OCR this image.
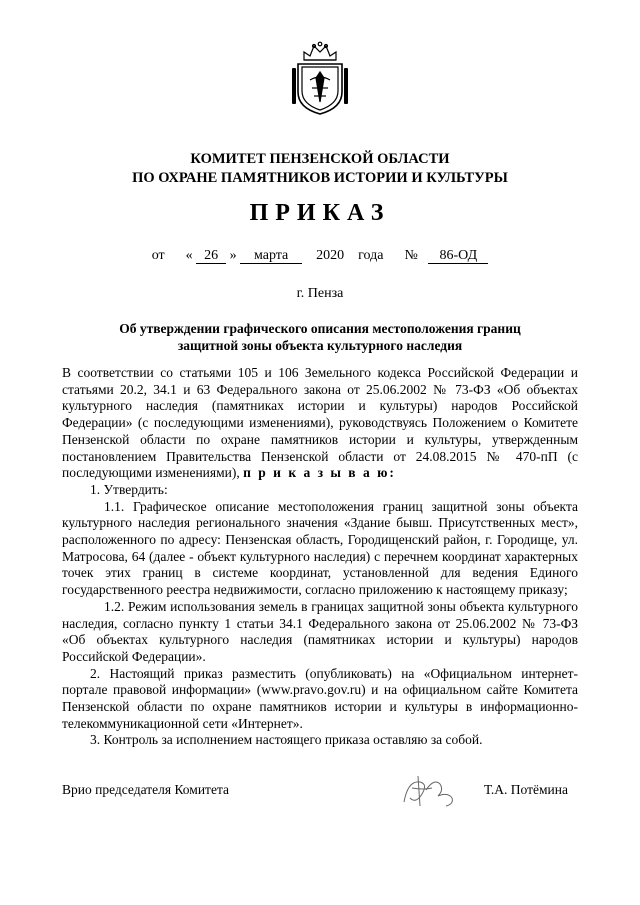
КОМИТЕТ ПЕНЗЕНСКОЙ ОБЛАСТИ
ПО ОХРАНЕ ПАМЯТНИКОВ ИСТОРИИ И КУЛЬТУРЫ
ПРИКАЗ
от « 26 » марта 2020 года № 86-ОД
г. Пенза
Об утверждении графического описания местоположения границ
защитной зоны объекта культурного наследия

В соответствии со статьями 105 и 106 Земельного кодекса Российской Федерации и статьями 20.2, 34.1 и 63 Федерального закона от 25.06.2002 № 73-ФЗ «Об объектах культурного наследия (памятниках истории и культуры) народов Российской Федерации» (с последующими изменениями), руководствуясь Положением о Комитете Пензенской области по охране памятников истории и культуры, утвержденным постановлением Правительства Пензенской области от 24.08.2015 № 470-пП (с последующими изменениями), п р и к а з ы в а ю:

1. Утвердить:

1.1. Графическое описание местоположения границ защитной зоны объекта культурного наследия регионального значения «Здание бывш. Присутственных мест», расположенного по адресу: Пензенская область, Городищенский район, г. Городище, ул. Матросова, 64 (далее - объект культурного наследия) с перечнем координат характерных точек этих границ в системе координат, установленной для ведения Единого государственного реестра недвижимости, согласно приложению к настоящему приказу;

1.2. Режим использования земель в границах защитной зоны объекта культурного наследия, согласно пункту 1 статьи 34.1 Федерального закона от 25.06.2002 № 73-ФЗ «Об объектах культурного наследия (памятниках истории и культуры) народов Российской Федерации».

2. Настоящий приказ разместить (опубликовать) на «Официальном интернет-портале правовой информации» (www.pravo.gov.ru) и на официальном сайте Комитета Пензенской области по охране памятников истории и культуры в информационно-телекоммуникационной сети «Интернет».

3. Контроль за исполнением настоящего приказа оставляю за собой.

Врио председателя Комитета	Т.А. Потёмина
